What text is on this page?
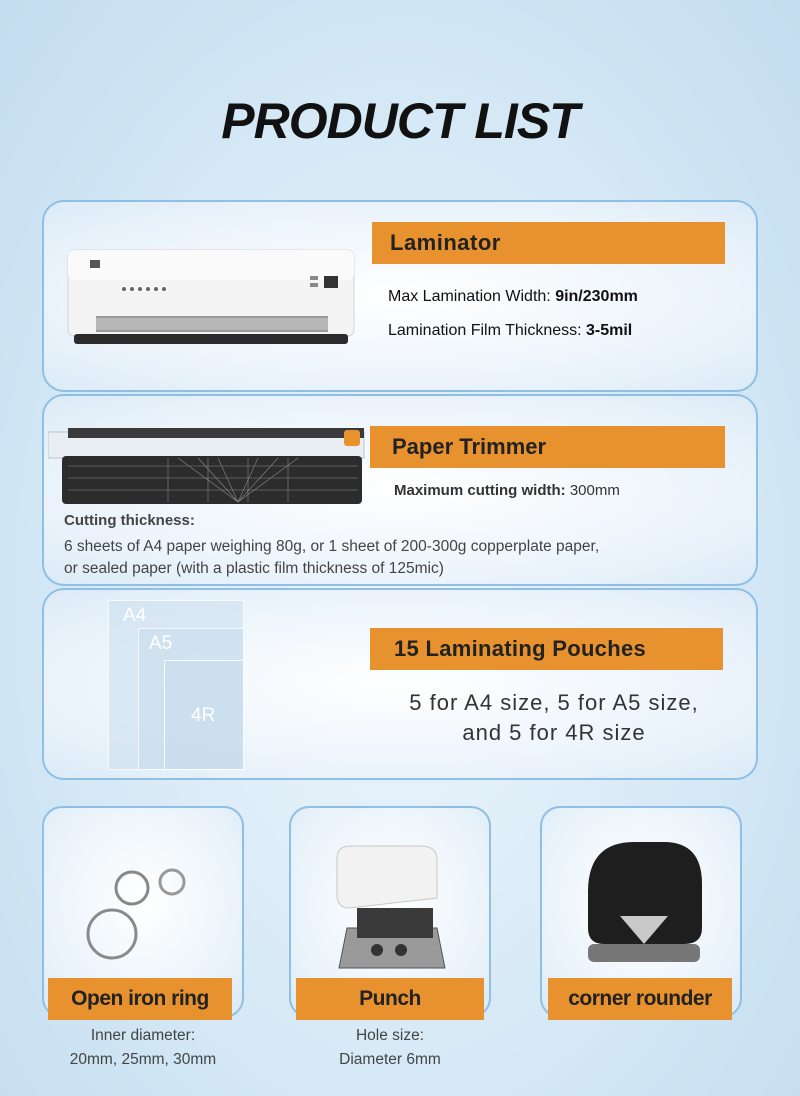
PRODUCT LIST
Laminator
Max Lamination Width: 9in/230mm
Lamination Film Thickness: 3-5mil
Paper Trimmer
Maximum cutting width: 300mm
Cutting thickness:
6 sheets of A4 paper weighing 80g, or 1 sheet of 200-300g copperplate paper,
or sealed paper (with a plastic film thickness of 125mic)
A4
A5
4R
15 Laminating Pouches
5 for A4 size, 5 for A5 size,
and 5 for 4R size
Open iron ring
Inner diameter:
20mm, 25mm, 30mm
Punch
Hole size:
Diameter 6mm
corner rounder
